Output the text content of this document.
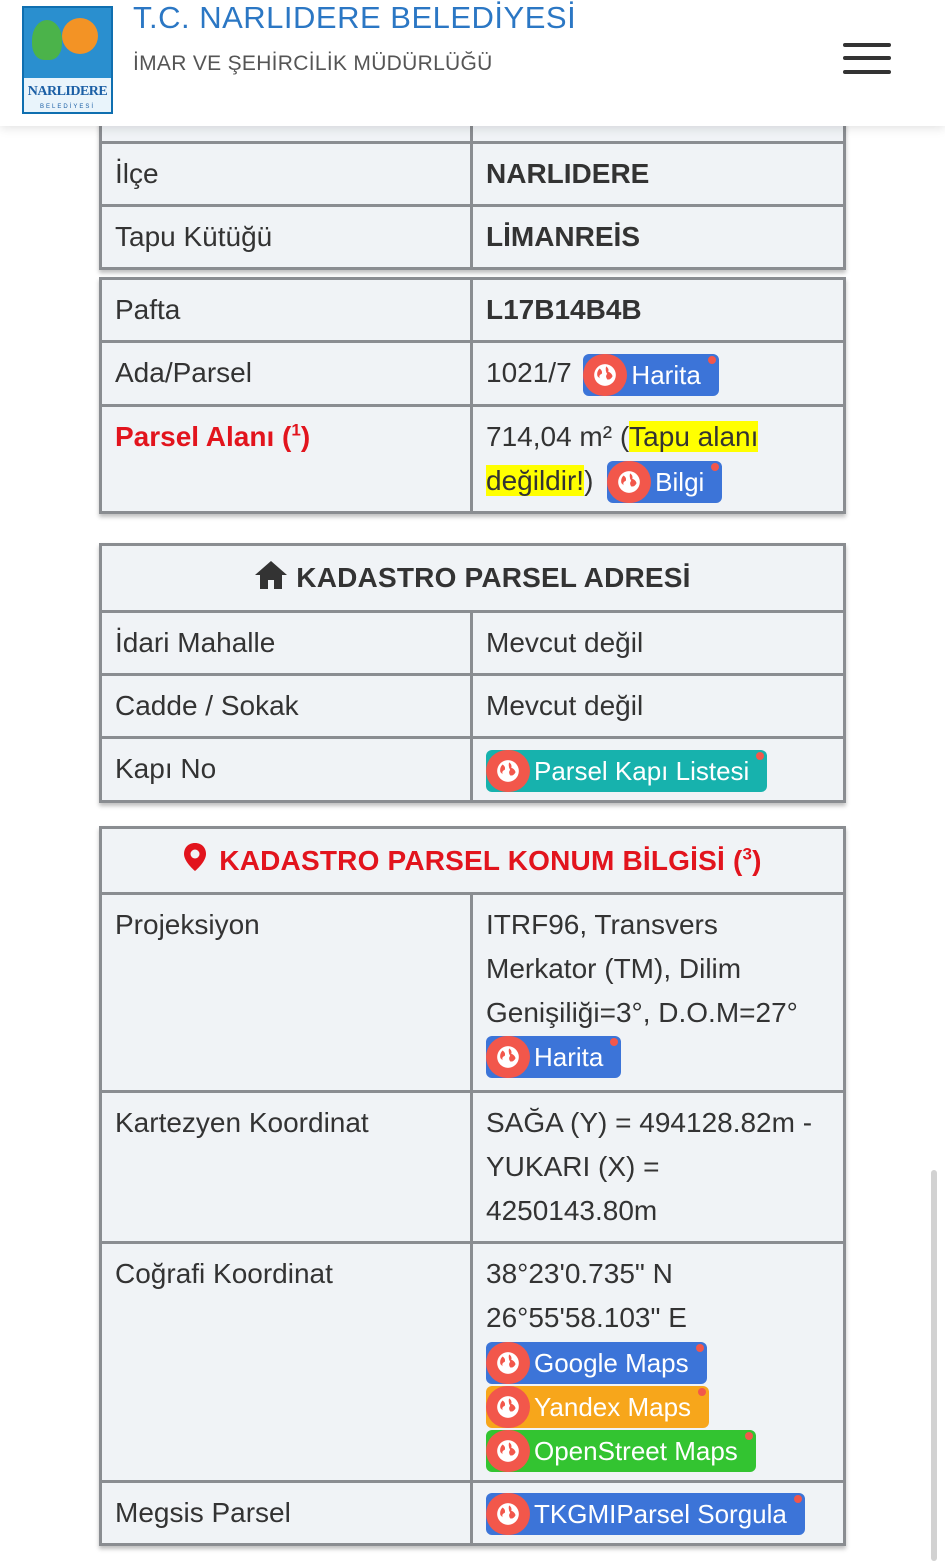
NARLIDERE
BELEDİYESİ
T.C. NARLIDERE BELEDİYESİ
İMAR VE ŞEHİRCİLİK MÜDÜRLÜĞÜ

İlçe	NARLIDERE
Tapu Kütüğü	LİMANREİS
Pafta	L17B14B4B
Ada/Parsel	1021/7 Harita

Parsel Alanı ($^1$)	714,04 m² (Tapu alanı değildir!) Bilgi
KADASTRO PARSEL ADRESİ	
İdari Mahalle	Mevcut değil
Cadde / Sokak	Mevcut değil
Kapı No	Parsel Kapı Listesi
KADASTRO PARSEL KONUM BİLGİSİ ($^3$)	
Projeksiyon	ITRF96, Transvers Merkator (TM), Dilim Genişiliği=3°, D.O.M=27°
Harita

Kartezyen Koordinat	SAĞA (Y) = 494128.82m - YUKARI (X) = 4250143.80m
Coğrafi Koordinat	38°23'0.735" N
26°55'58.103" E
Google Maps
Yandex Maps
OpenStreet Maps

Megsis Parsel	TKGMIParsel Sorgula
